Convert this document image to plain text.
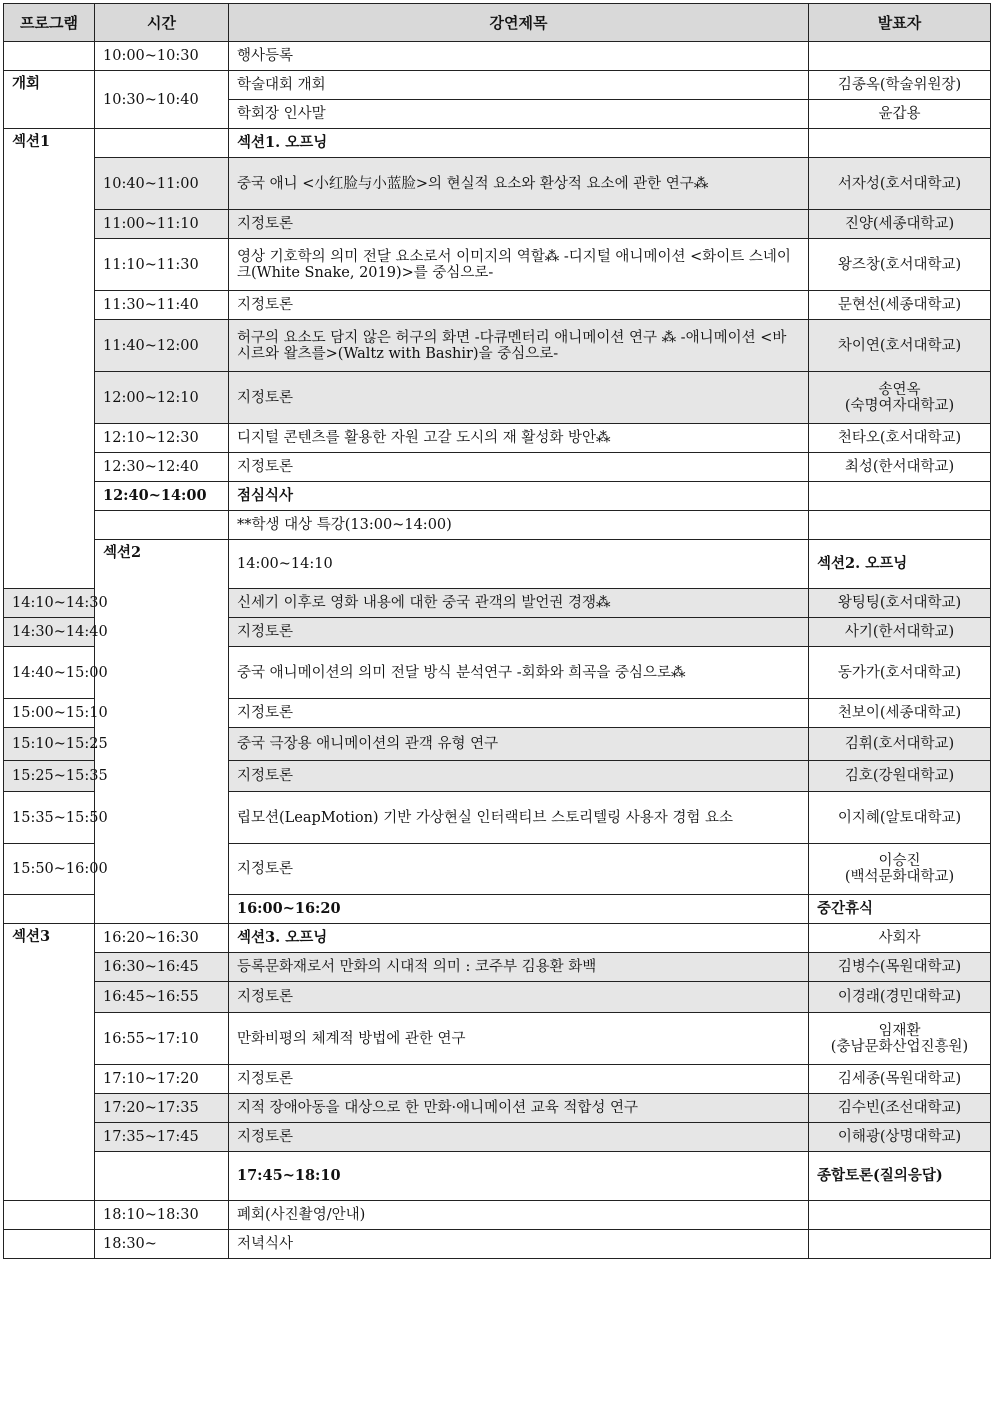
프로그램	시간	강연제목	발표자	
	10:00~10:30	행사등록		
개회	10:30~10:40	학술대회 개회	김종옥(학술위원장)	
		학회장 인사말	윤갑용	
섹션1		섹션1. 오프닝		
	10:40~11:00	중국 애니 <小红脸与小蓝脸>의 현실적 요소와 환상적 요소에 관한 연구⁂	서자성(호서대학교)	
	11:00~11:10	지정토론	진양(세종대학교)	
	11:10~11:30	영상 기호학의 의미 전달 요소로서 이미지의 역할⁂ -디지털 애니메이션 <화이트 스네이크(White Snake, 2019)>를 중심으로-	왕즈창(호서대학교)	
	11:30~11:40	지정토론	문현선(세종대학교)	
	11:40~12:00	허구의 요소도 담지 않은 허구의 화면 -다큐멘터리 애니메이션 연구 ⁂ -애니메이션 <바시르와 왈츠를>(Waltz with Bashir)을 중심으로-	차이연(호서대학교)	
	12:00~12:10	지정토론	송연옥
(숙명여자대학교)	

	12:10~12:30	디지털 콘텐츠를 활용한 자원 고갈 도시의 재 활성화 방안⁂	천타오(호서대학교)	
	12:30~12:40	지정토론	최성(한서대학교)	
	12:40~14:00	점심식사		
		**학생 대상 특강(13:00~14:00)		
	섹션2	14:00~14:10	섹션2. 오프닝	
14:10~14:30		신세기 이후로 영화 내용에 대한 중국 관객의 발언권 경쟁⁂	왕팅팅(호서대학교)	
14:30~14:40		지정토론	사기(한서대학교)	
14:40~15:00		중국 애니메이션의 의미 전달 방식 분석연구 -회화와 희곡을 중심으로⁂	동가가(호서대학교)	
15:00~15:10		지정토론	천보이(세종대학교)	
15:10~15:25		중국 극장용 애니메이션의 관객 유형 연구	김휘(호서대학교)	
15:25~15:35		지정토론	김호(강원대학교)	
15:35~15:50		립모션(LeapMotion) 기반 가상현실 인터랙티브 스토리텔링 사용자 경험 요소	이지혜(알토대학교)	
15:50~16:00		지정토론	이승진
(백석문화대학교)	

		16:00~16:20	중간휴식	
섹션3	16:20~16:30	섹션3. 오프닝	사회자	
	16:30~16:45	등록문화재로서 만화의 시대적 의미 : 코주부 김용환 화백	김병수(목원대학교)	
	16:45~16:55	지정토론	이경래(경민대학교)	
	16:55~17:10	만화비평의 체계적 방법에 관한 연구	임재환
(충남문화산업진흥원)	

	17:10~17:20	지정토론	김세종(목원대학교)	
	17:20~17:35	지적 장애아동을 대상으로 한 만화·애니메이션 교육 적합성 연구	김수빈(조선대학교)	
	17:35~17:45	지정토론	이해광(상명대학교)	
		17:45~18:10	종합토론(질의응답)	
	18:10~18:30	폐회(사진촬영/안내)		
	18:30~	저녁식사		
